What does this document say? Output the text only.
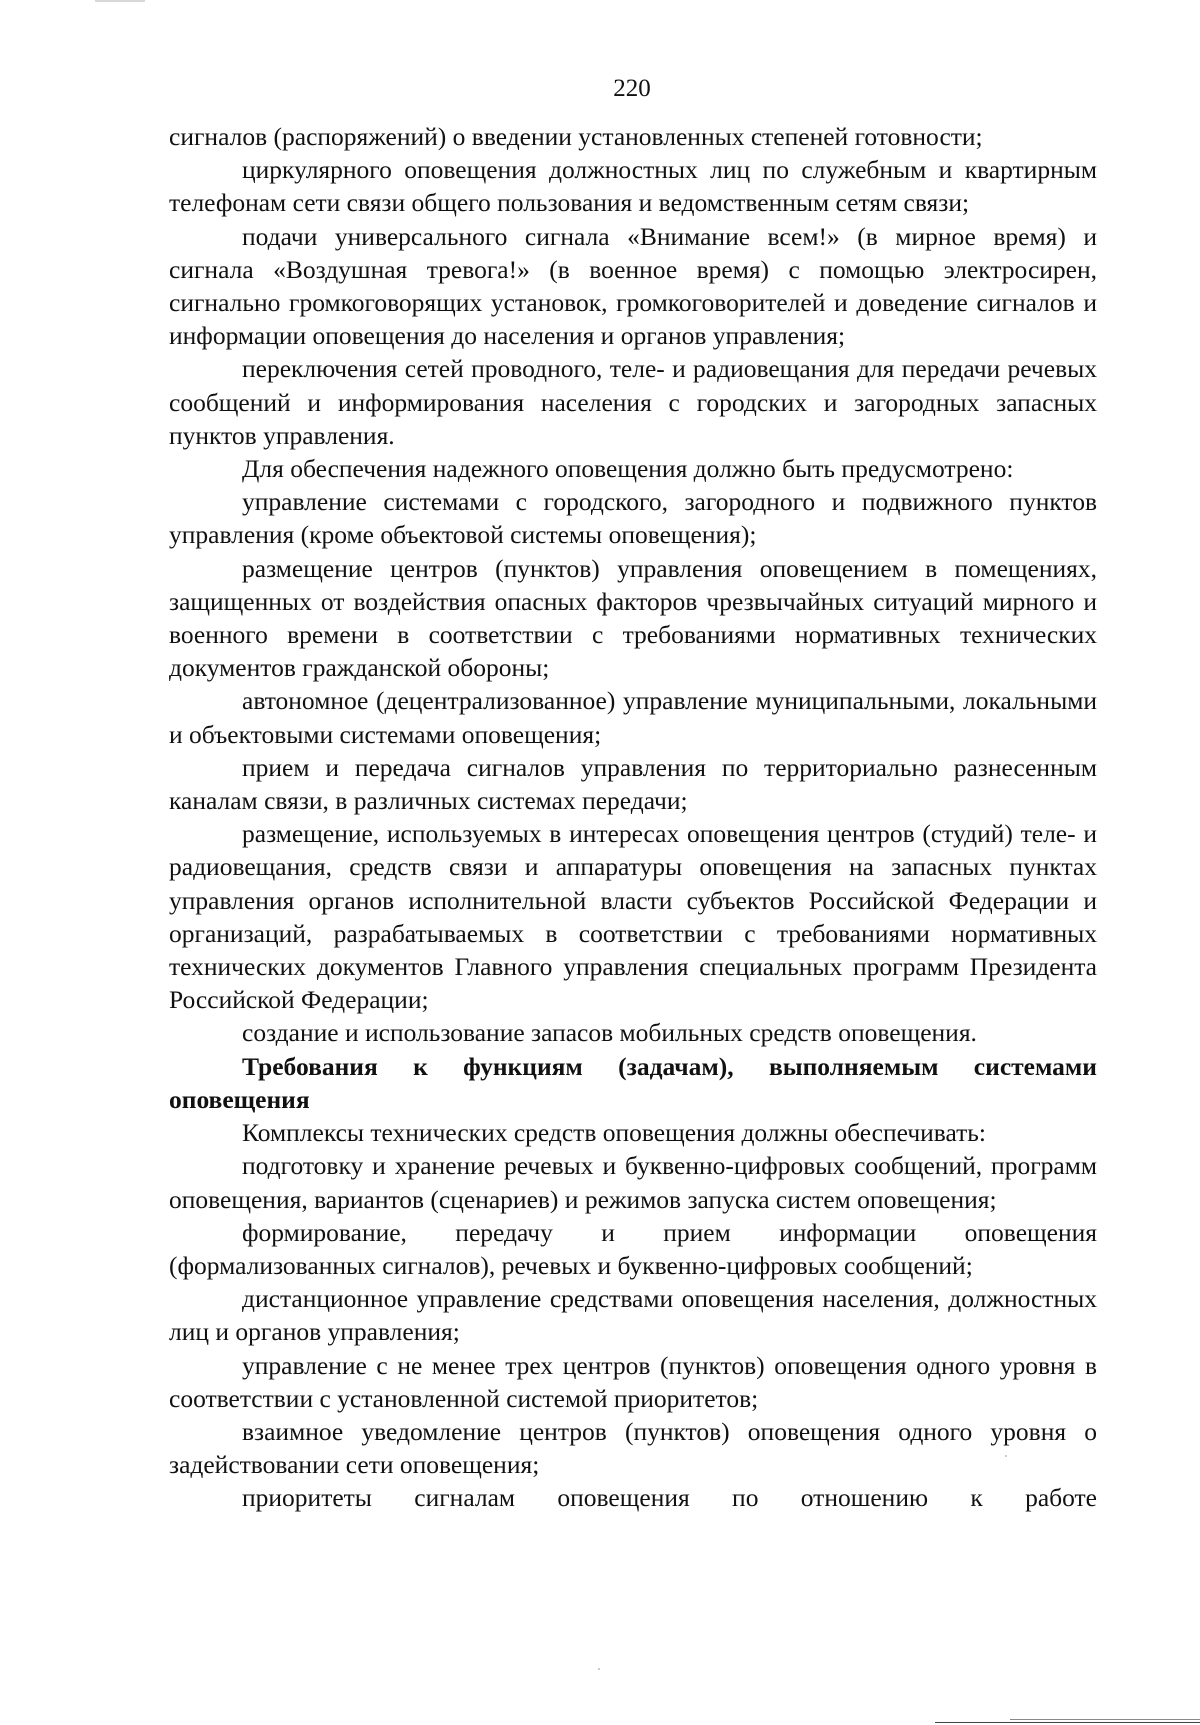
220

сигналов (распоряжений) о введении установленных степеней готовности;

циркулярного оповещения должностных лиц по служебным и квартирным телефонам сети связи общего пользования и ведомственным сетям связи;

подачи универсального сигнала «Внимание всем!» (в мирное время) и сигнала «Воздушная тревога!» (в военное время) с помощью электросирен, сигнально громкоговорящих установок, громкоговорителей и доведение сигналов и информации оповещения до населения и органов управления;

переключения сетей проводного, теле- и радиовещания для передачи речевых сообщений и информирования населения с городских и загородных запасных пунктов управления.

Для обеспечения надежного оповещения должно быть предусмотрено:

управление системами с городского, загородного и подвижного пунктов управления (кроме объектовой системы оповещения);

размещение центров (пунктов) управления оповещением в помещениях, защищенных от воздействия опасных факторов чрезвычайных ситуаций мирного и военного времени в соответствии с требованиями нормативных технических документов гражданской обороны;

автономное (децентрализованное) управление муниципальными, локальными и объектовыми системами оповещения;

прием и передача сигналов управления по территориально разнесенным каналам связи, в различных системах передачи;

размещение, используемых в интересах оповещения центров (студий) теле- и радиовещания, средств связи и аппаратуры оповещения на запасных пунктах управления органов исполнительной власти субъектов Российской Федерации и организаций, разрабатываемых в соответствии с требованиями нормативных технических документов Главного управления специальных программ Президента Российской Федерации;

создание и использование запасов мобильных средств оповещения.

Требования к функциям (задачам), выполняемым системами оповещения

Комплексы технических средств оповещения должны обеспечивать:

подготовку и хранение речевых и буквенно-цифровых сообщений, программ оповещения, вариантов (сценариев) и режимов запуска систем оповещения;

формирование, передачу и прием информации оповещения (формализованных сигналов), речевых и буквенно-цифровых сообщений;

дистанционное управление средствами оповещения населения, должностных лиц и органов управления;

управление с не менее трех центров (пунктов) оповещения одного уровня в соответствии с установленной системой приоритетов;

взаимное уведомление центров (пунктов) оповещения одного уровня о задействовании сети оповещения;

приоритеты сигналам оповещения по отношению к работе
